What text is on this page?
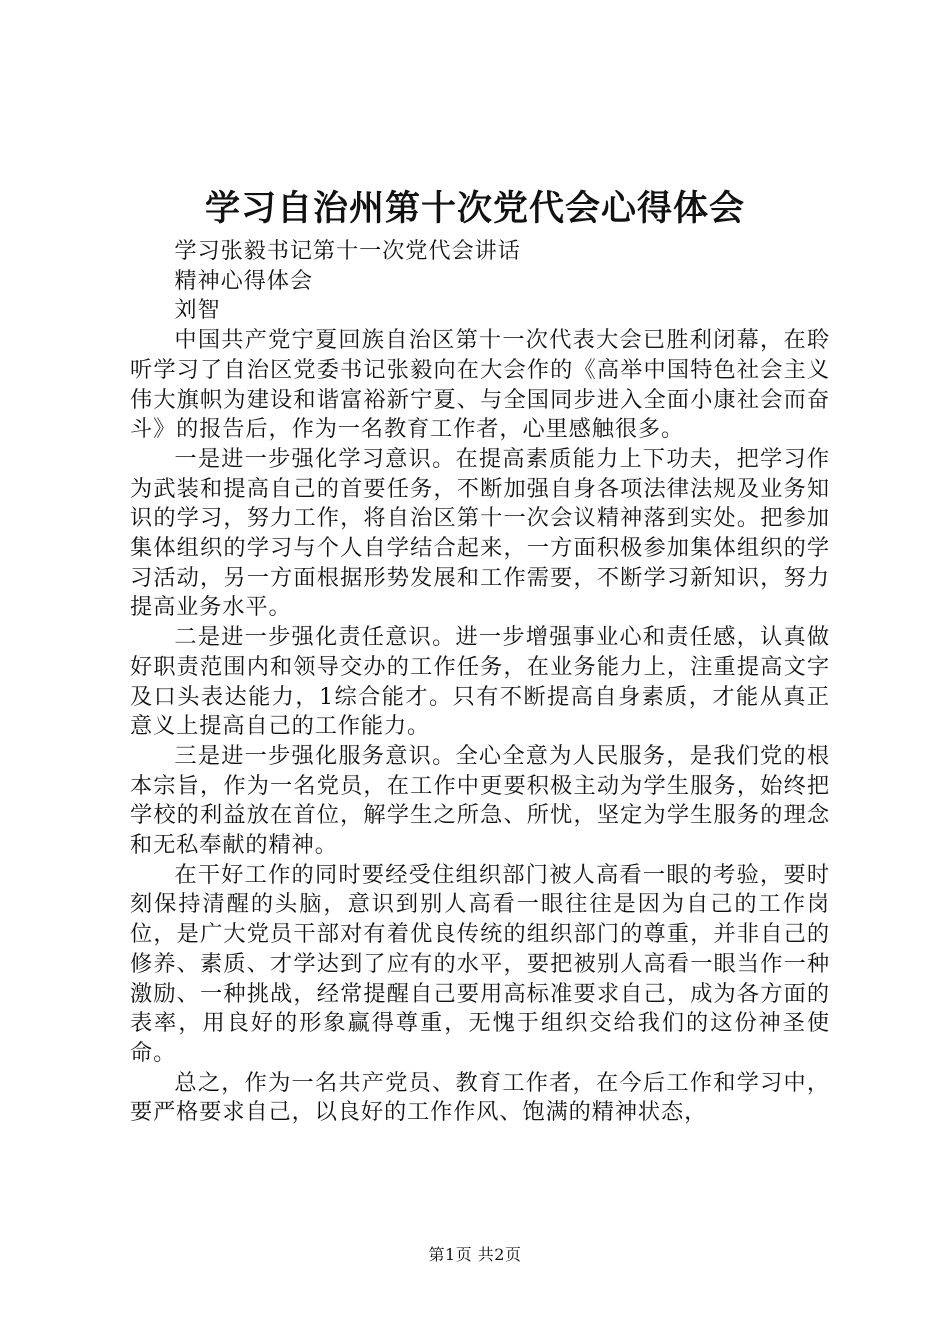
学习自治州第十次党代会心得体会

学习张毅书记第十一次党代会讲话

精神心得体会

刘智

中国共产党宁夏回族自治区第十一次代表大会已胜利闭幕，在聆听学习了自治区党委书记张毅向在大会作的《高举中国特色社会主义伟大旗帜为建设和谐富裕新宁夏、与全国同步进入全面小康社会而奋斗》的报告后，作为一名教育工作者，心里感触很多。

一是进一步强化学习意识。在提高素质能力上下功夫，把学习作为武装和提高自己的首要任务，不断加强自身各项法律法规及业务知识的学习，努力工作，将自治区第十一次会议精神落到实处。把参加集体组织的学习与个人自学结合起来，一方面积极参加集体组织的学习活动，另一方面根据形势发展和工作需要，不断学习新知识，努力提高业务水平。

二是进一步强化责任意识。进一步增强事业心和责任感，认真做好职责范围内和领导交办的工作任务，在业务能力上，注重提高文字及口头表达能力，1综合能才。只有不断提高自身素质，才能从真正意义上提高自己的工作能力。

三是进一步强化服务意识。全心全意为人民服务，是我们党的根本宗旨，作为一名党员，在工作中更要积极主动为学生服务，始终把学校的利益放在首位，解学生之所急、所忧，坚定为学生服务的理念和无私奉献的精神。

在干好工作的同时要经受住组织部门被人高看一眼的考验，要时刻保持清醒的头脑，意识到别人高看一眼往往是因为自己的工作岗位，是广大党员干部对有着优良传统的组织部门的尊重，并非自己的修养、素质、才学达到了应有的水平，要把被别人高看一眼当作一种激励、一种挑战，经常提醒自己要用高标准要求自己，成为各方面的表率，用良好的形象赢得尊重，无愧于组织交给我们的这份神圣使命。

总之，作为一名共产党员、教育工作者，在今后工作和学习中，要严格要求自己，以良好的工作作风、饱满的精神状态，

第1页 共2页
